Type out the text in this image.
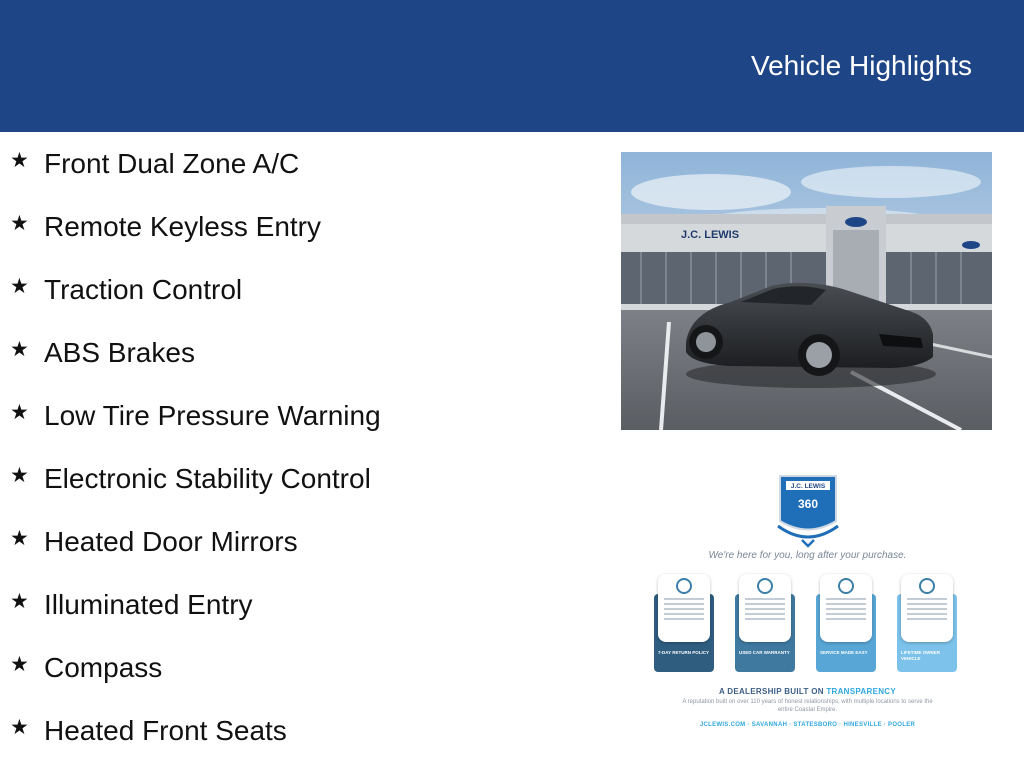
Vehicle Highlights
★ Front Dual Zone A/C
★ Remote Keyless Entry
★ Traction Control
★ ABS Brakes
★ Low Tire Pressure Warning
★ Electronic Stability Control
★ Heated Door Mirrors
★ Illuminated Entry
★ Compass
★ Heated Front Seats
J.C. LEWIS
J.C. LEWIS
360
We're here for you, long after your purchase.
7-DAY RETURN POLICY	USED CAR WARRANTY	SERVICE MADE EASY	LIFETIME OWNER VEHICLE
A DEALERSHIP BUILT ON TRANSPARENCY
A reputation built on over 110 years of honest relationships, with multiple locations to serve the entire Coastal Empire.
JCLEWIS.COM · SAVANNAH · STATESBORO · HINESVILLE · POOLER
